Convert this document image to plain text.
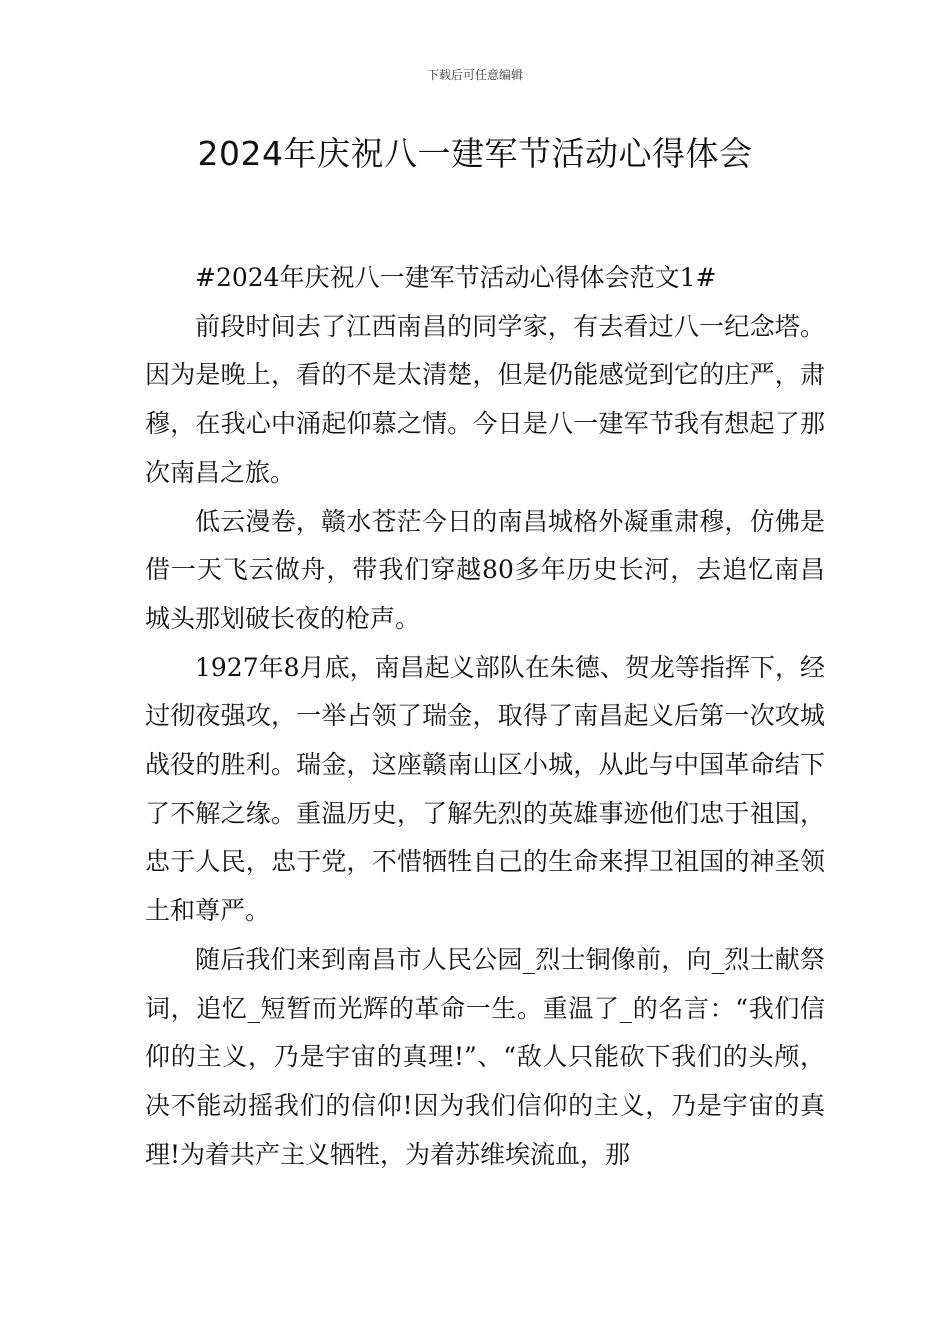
下载后可任意编辑
2024年庆祝八一建军节活动心得体会

#2024年庆祝八一建军节活动心得体会范文1#

前段时间去了江西南昌的同学家，有去看过八一纪念塔。因为是晚上，看的不是太清楚，但是仍能感觉到它的庄严，肃穆，在我心中涌起仰慕之情。今日是八一建军节我有想起了那次南昌之旅。

低云漫卷，赣水苍茫今日的南昌城格外凝重肃穆，仿佛是借一天飞云做舟，带我们穿越80多年历史长河，去追忆南昌城头那划破长夜的枪声。

1927年8月底，南昌起义部队在朱德、贺龙等指挥下，经过彻夜强攻，一举占领了瑞金，取得了南昌起义后第一次攻城战役的胜利。瑞金，这座赣南山区小城，从此与中国革命结下了不解之缘。重温历史，了解先烈的英雄事迹他们忠于祖国，忠于人民，忠于党，不惜牺牲自己的生命来捍卫祖国的神圣领土和尊严。

随后我们来到南昌市人民公园_烈士铜像前，向_烈士献祭词，追忆_短暂而光辉的革命一生。重温了_的名言：“我们信仰的主义，乃是宇宙的真理!”、“敌人只能砍下我们的头颅，决不能动摇我们的信仰!因为我们信仰的主义，乃是宇宙的真理!为着共产主义牺牲，为着苏维埃流血，那
